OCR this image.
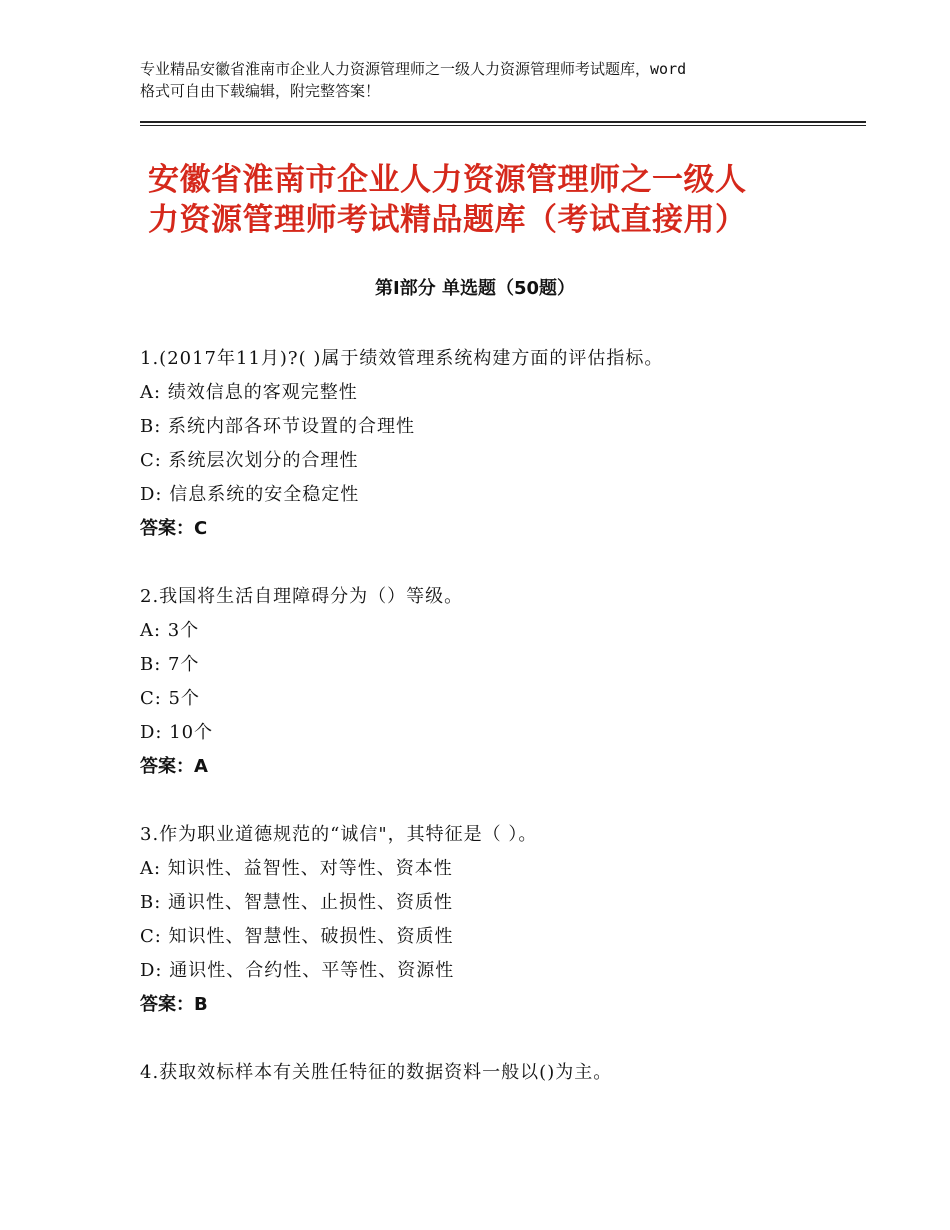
专业精品安徽省淮南市企业人力资源管理师之一级人力资源管理师考试题库，word
格式可自由下载编辑，附完整答案！
安徽省淮南市企业人力资源管理师之一级人
力资源管理师考试精品题库（考试直接用）
第Ⅰ部分 单选题（50题）
1.(2017年11月)?( )属于绩效管理系统构建方面的评估指标。
A: 绩效信息的客观完整性
B: 系统内部各环节设置的合理性
C: 系统层次划分的合理性
D: 信息系统的安全稳定性
答案：C
2.我国将生活自理障碍分为（）等级。
A: 3个
B: 7个
C: 5个
D: 10个
答案：A
3.作为职业道德规范的“诚信"，其特征是（ ）。
A: 知识性、益智性、对等性、资本性
B: 通识性、智慧性、止损性、资质性
C: 知识性、智慧性、破损性、资质性
D: 通识性、合约性、平等性、资源性
答案：B
4.获取效标样本有关胜任特征的数据资料一般以()为主。
